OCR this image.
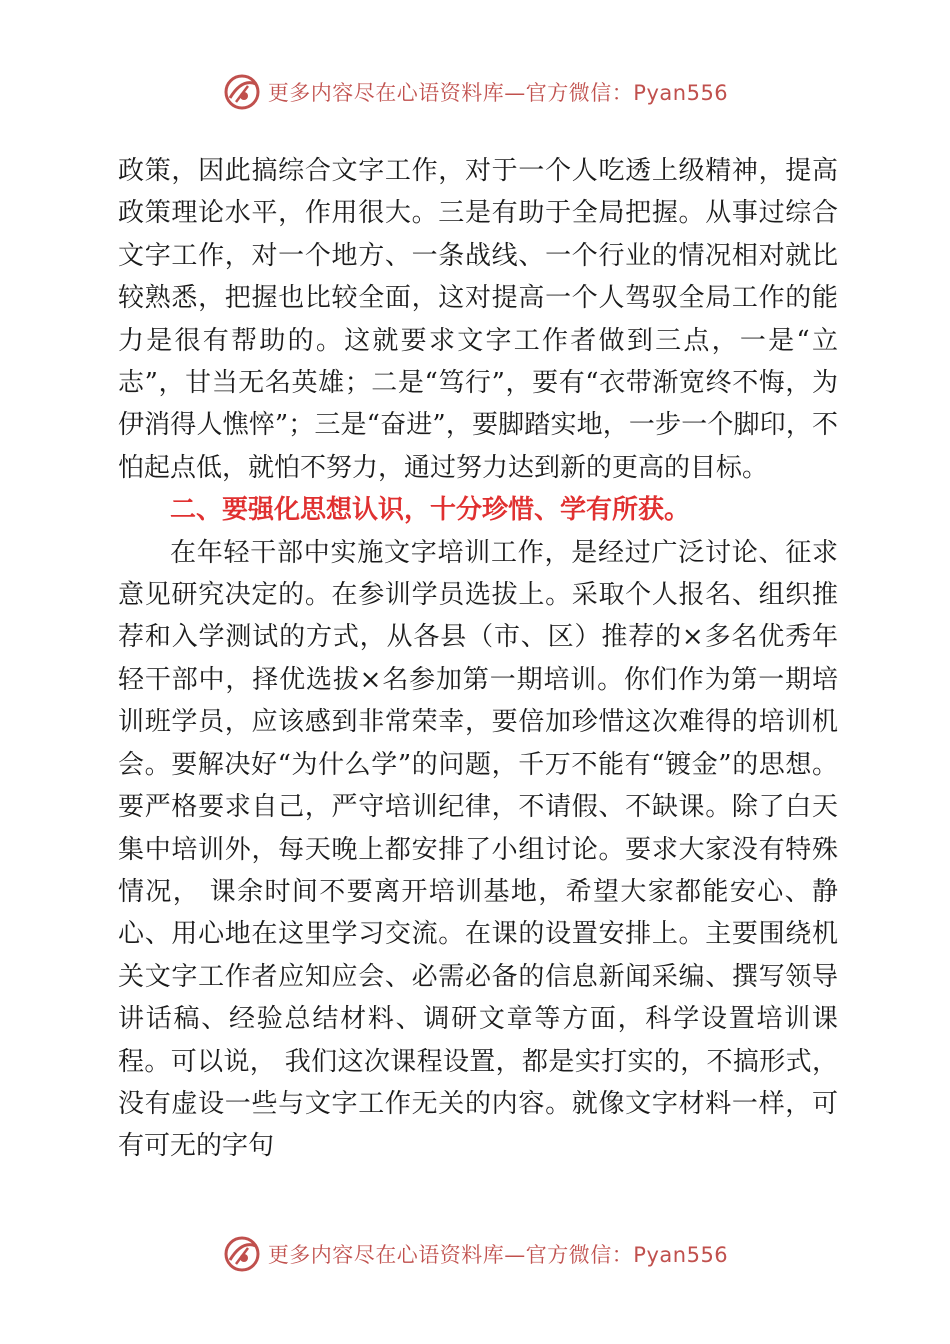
更多内容尽在心语资料库—官方微信：Pyan556

政策，因此搞综合文字工作，对于一个人吃透上级精神，提高政策理论水平，作用很大。三是有助于全局把握。从事过综合文字工作，对一个地方、一条战线、一个行业的情况相对就比较熟悉，把握也比较全面，这对提高一个人驾驭全局工作的能力是很有帮助的。这就要求文字工作者做到三点，一是“立志”，甘当无名英雄；二是“笃行”，要有“衣带渐宽终不悔，为伊消得人憔悴”；三是“奋进”，要脚踏实地，一步一个脚印，不怕起点低，就怕不努力，通过努力达到新的更高的目标。

二、要强化思想认识，十分珍惜、学有所获。

在年轻干部中实施文字培训工作，是经过广泛讨论、征求意见研究决定的。在参训学员选拔上。采取个人报名、组织推荐和入学测试的方式，从各县（市、区）推荐的×多名优秀年轻干部中，择优选拔×名参加第一期培训。你们作为第一期培训班学员，应该感到非常荣幸，要倍加珍惜这次难得的培训机会。要解决好“为什么学”的问题，千万不能有“镀金”的思想。要严格要求自己，严守培训纪律，不请假、不缺课。除了白天集中培训外，每天晚上都安排了小组讨论。要求大家没有特殊情况， 课余时间不要离开培训基地，希望大家都能安心、静心、用心地在这里学习交流。在课的设置安排上。主要围绕机关文字工作者应知应会、必需必备的信息新闻采编、撰写领导讲话稿、经验总结材料、调研文章等方面，科学设置培训课程。可以说， 我们这次课程设置，都是实打实的，不搞形式，没有虚设一些与文字工作无关的内容。就像文字材料一样，可有可无的字句

更多内容尽在心语资料库—官方微信：Pyan556
